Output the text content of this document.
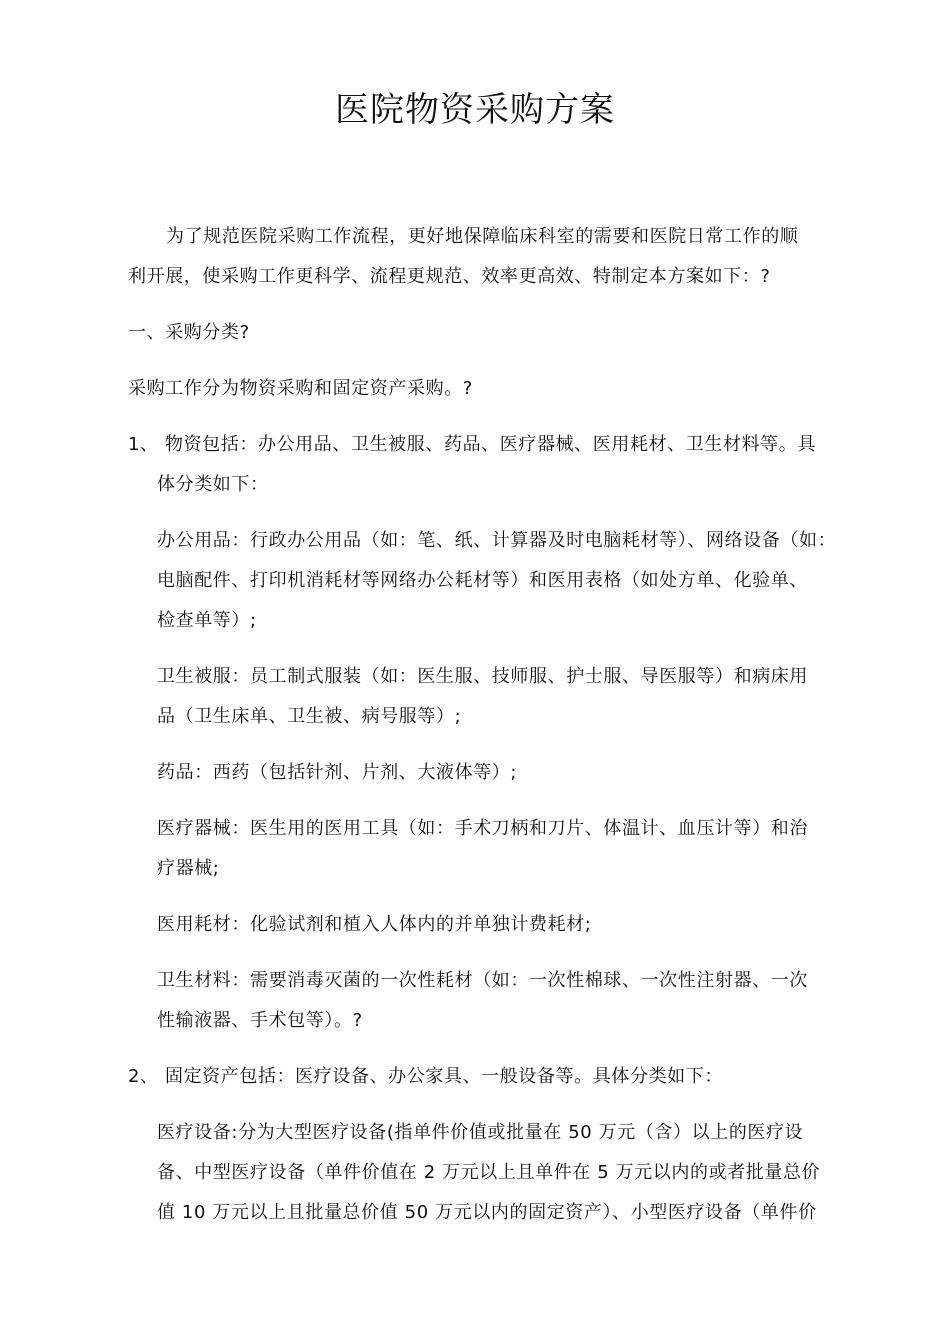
医院物资采购方案
为了规范医院采购工作流程，更好地保障临床科室的需要和医院日常工作的顺
利开展，使采购工作更科学、流程更规范、效率更高效、特制定本方案如下：?
一、采购分类?
采购工作分为物资采购和固定资产采购。?
1、 物资包括：办公用品、卫生被服、药品、医疗器械、医用耗材、卫生材料等。具
体分类如下：
办公用品：行政办公用品（如：笔、纸、计算器及时电脑耗材等）、网络设备（如：
电脑配件、打印机消耗材等网络办公耗材等）和医用表格（如处方单、化验单、
检查单等）;
卫生被服：员工制式服装（如：医生服、技师服、护士服、导医服等）和病床用
品（卫生床单、卫生被、病号服等）;
药品：西药（包括针剂、片剂、大液体等）;
医疗器械：医生用的医用工具（如：手术刀柄和刀片、体温计、血压计等）和治
疗器械;
医用耗材：化验试剂和植入人体内的并单独计费耗材;
卫生材料：需要消毒灭菌的一次性耗材（如：一次性棉球、一次性注射器、一次
性输液器、手术包等）。?
2、 固定资产包括：医疗设备、办公家具、一般设备等。具体分类如下：
医疗设备:分为大型医疗设备(指单件价值或批量在 50 万元（含）以上的医疗设
备、中型医疗设备（单件价值在 2 万元以上且单件在 5 万元以内的或者批量总价
值 10 万元以上且批量总价值 50 万元以内的固定资产）、小型医疗设备（单件价
